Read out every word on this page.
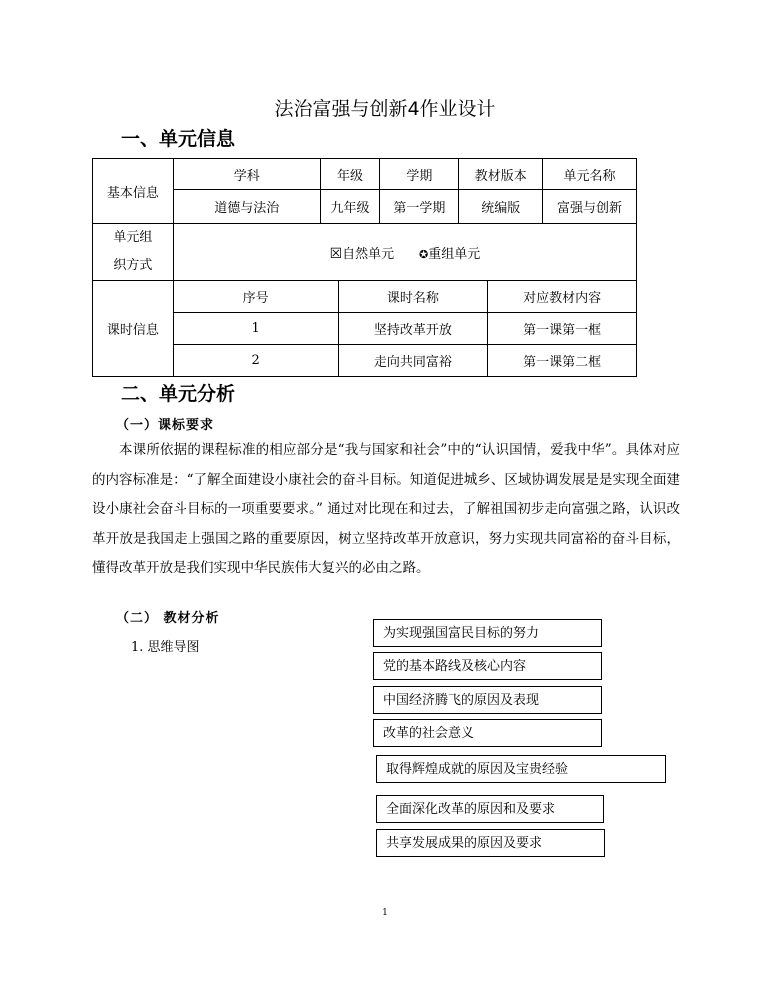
法治富强与创新4作业设计
一、单元信息
基本信息	学科	年级		学期	教材版本		单元名称
	道德与法治	九年级		第一学期	统编版		富强与创新
单元组
织方式	☒自然单元 ✪重组单元						
课时信息	序号		课时名称			对应教材内容	
	1		坚持改革开放			第一课第一框	
	2		走向共同富裕			第一课第二框	
二、单元分析
（一）课标要求

本课所依据的课程标准的相应部分是“我与国家和社会”中的“认识国情，爱我中华”。具体对应的内容标准是：“了解全面建设小康社会的奋斗目标。知道促进城乡、区域协调发展是是实现全面建设小康社会奋斗目标的一项重要要求。” 通过对比现在和过去，了解祖国初步走向富强之路，认识改革开放是我国走上强国之路的重要原因，树立坚持改革开放意识，努力实现共同富裕的奋斗目标，懂得改革开放是我们实现中华民族伟大复兴的必由之路。

（二） 教材分析
1. 思维导图
为实现强国富民目标的努力
党的基本路线及核心内容
中国经济腾飞的原因及表现
改革的社会意义
取得辉煌成就的原因及宝贵经验
全面深化改革的原因和及要求
共享发展成果的原因及要求
1
